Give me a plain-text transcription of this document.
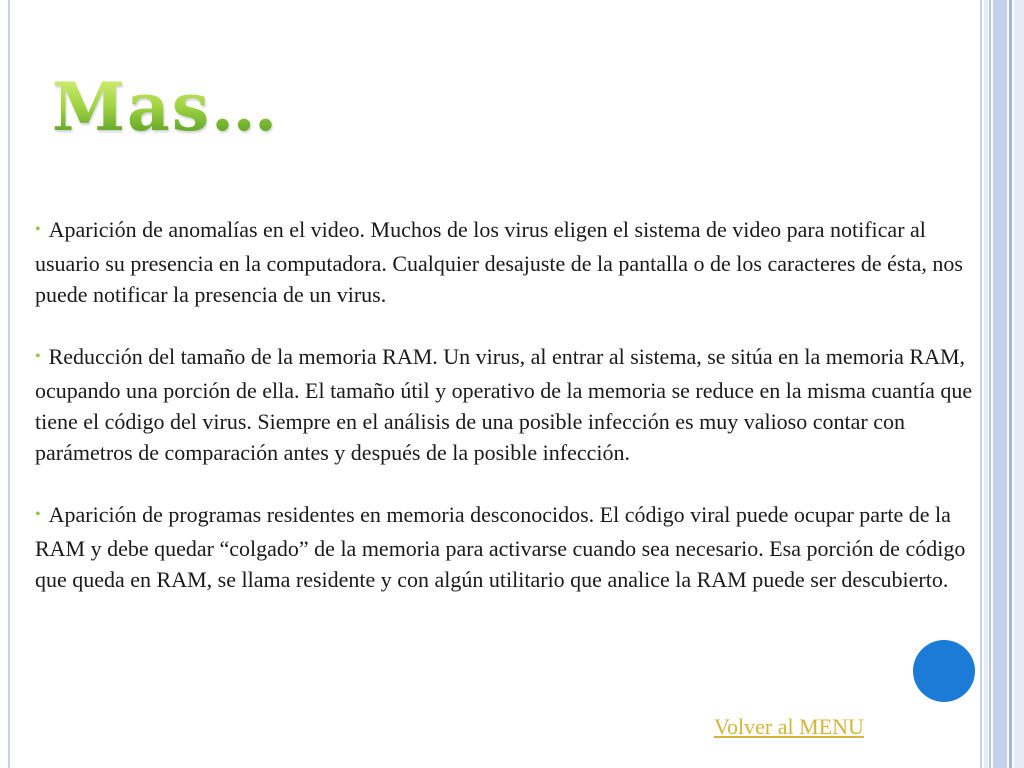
Mas…

• Aparición de anomalías en el video. Muchos de los virus eligen el sistema de video para notificar al usuario su presencia en la computadora. Cualquier desajuste de la pantalla o de los caracteres de ésta, nos puede notificar la presencia de un virus.

• Reducción del tamaño de la memoria RAM. Un virus, al entrar al sistema, se sitúa en la memoria RAM, ocupando una porción de ella. El tamaño útil y operativo de la memoria se reduce en la misma cuantía que tiene el código del virus. Siempre en el análisis de una posible infección es muy valioso contar con parámetros de comparación antes y después de la posible infección.

• Aparición de programas residentes en memoria desconocidos. El código viral puede ocupar parte de la RAM y debe quedar “colgado” de la memoria para activarse cuando sea necesario. Esa porción de código que queda en RAM, se llama residente y con algún utilitario que analice la RAM puede ser descubierto.

Volver al MENU
